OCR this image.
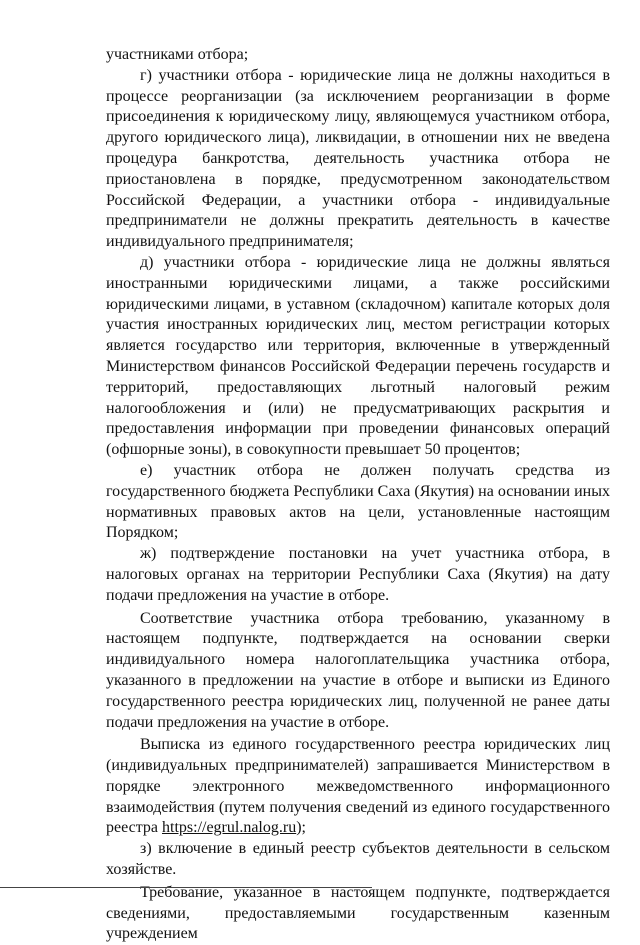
участниками отбора;

г) участники отбора - юридические лица не должны находиться в процессе реорганизации (за исключением реорганизации в форме присоединения к юридическому лицу, являющемуся участником отбора, другого юридического лица), ликвидации, в отношении них не введена процедура банкротства, деятельность участника отбора не приостановлена в порядке, предусмотренном законодательством Российской Федерации, а участники отбора - индивидуальные предприниматели не должны прекратить деятельность в качестве индивидуального предпринимателя;

д) участники отбора - юридические лица не должны являться иностранными юридическими лицами, а также российскими юридическими лицами, в уставном (складочном) капитале которых доля участия иностранных юридических лиц, местом регистрации которых является государство или территория, включенные в утвержденный Министерством финансов Российской Федерации перечень государств и территорий, предоставляющих льготный налоговый режим налогообложения и (или) не предусматривающих раскрытия и предоставления информации при проведении финансовых операций (офшорные зоны), в совокупности превышает 50 процентов;

е) участник отбора не должен получать средства из государственного бюджета Республики Саха (Якутия) на основании иных нормативных правовых актов на цели, установленные настоящим Порядком;

ж) подтверждение постановки на учет участника отбора, в налоговых органах на территории Республики Саха (Якутия) на дату подачи предложения на участие в отборе.

Соответствие участника отбора требованию, указанному в настоящем подпункте, подтверждается на основании сверки индивидуального номера налогоплательщика участника отбора, указанного в предложении на участие в отборе и выписки из Единого государственного реестра юридических лиц, полученной не ранее даты подачи предложения на участие в отборе.

Выписка из единого государственного реестра юридических лиц (индивидуальных предпринимателей) запрашивается Министерством в порядке электронного межведомственного информационного взаимодействия (путем получения сведений из единого государственного реестра https://egrul.nalog.ru);

з) включение в единый реестр субъектов деятельности в сельском хозяйстве.

Требование, указанное в настоящем подпункте, подтверждается сведениями, предоставляемыми государственным казенным учреждением
